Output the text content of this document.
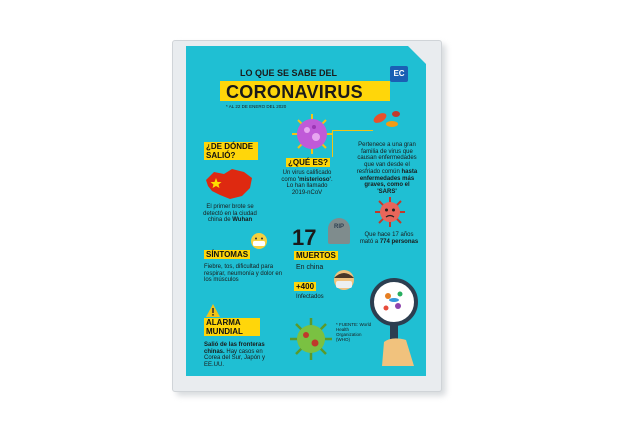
LO QUE SE SABE DEL
CORONAVIRUS
EC
* AL 22 DE ENERO DEL 2020
¿DE DÓNDE SALIÓ?
El primer brote se detectó en la ciudad china de Wuhan
¿QUÉ ES?
Un virus calificado como 'misterioso'. Lo han llamado 2019-nCoV
Pertenece a una gran familia de virus que causan enfermedades que van desde el resfriado común hasta enfermedades más graves, como el 'SARS'
Que hace 17 años mató a 774 personas
17	RIP
MUERTOS
En china
+400
Infectados
SÍNTOMAS
Fiebre, tos, dificultad para respirar, neumonía y dolor en los músculos
ALARMA MUNDIAL
Salió de las fronteras chinas. Hay casos en Corea del Sur, Japón y EE.UU.
* FUENTE: World Health Organization (WHO)
